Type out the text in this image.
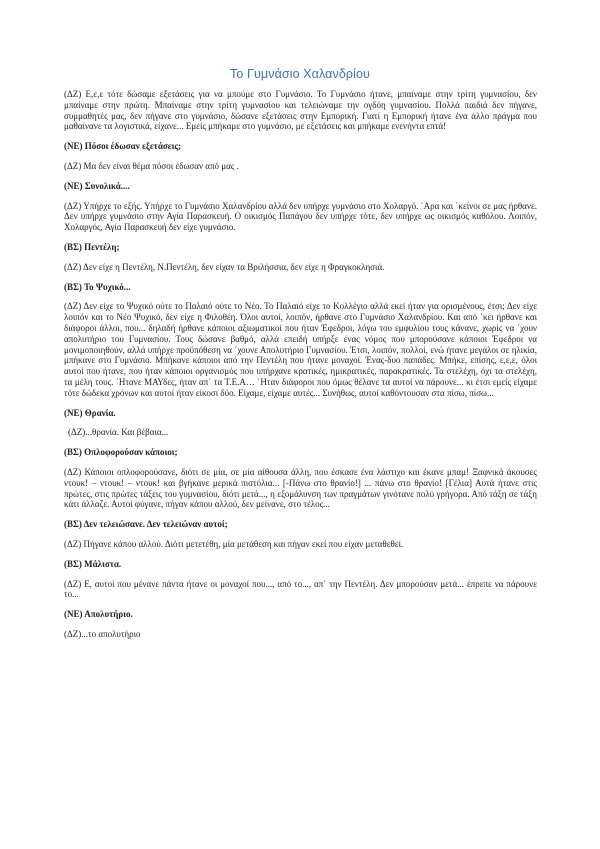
Το Γυμνάσιο Χαλανδρίου

(ΔΖ) Ε,ε,ε τότε δώσαμε εξετάσεις για να μπούμε στο Γυμνάσιο. Το Γυμνάσιο ήτανε, μπαίναμε στην τρίτη γυμνασίου, δεν μπαίναμε στην πρώτη. Μπαίναμε στην τρίτη γυμνασίου και τελειώναμε την ογδόη γυμνασίου. Πολλά παιδιά δεν πήγανε, συμμαθητές μας, δεν πήγανε στο γυμνάσιο, δώσανε εξετάσεις στην Εμπορική. Γιατί η Εμπορική ήτανε ένα άλλο πράγμα που μαθαίνανε τα λογιστικά, είχανε... Εμείς μπήκαμε στο γυμνάσιο, με εξετάσεις και μπήκαμε ενενήντα επτά!

(ΝΕ) Πόσοι έδωσαν εξετάσεις;

(ΔΖ) Μα δεν είναι θέμα πόσοι έδωσαν από μας .

(ΝΕ) Συνολικά....

(ΔΖ) Υπήρχε το εξής. Υπήρχε το Γυμνάσιο Χαλανδρίου αλλά δεν υπήρχε γυμνάσιο στο Χολαργό. ΄Αρα και ΄κείνοι σε μας ήρθανε. Δεν υπήρχε γυμνάσιο στην Αγία Παρασκευή. Ο οικισμός Παπάγου δεν υπήρχε τότε, δεν υπήρχε ως οικισμός καθόλου. Λοιπόν, Χολαργός, Αγία Παρασκευή δεν είχε γυμνάσιο.

(ΒΣ) Πεντέλη;

(ΔΖ) Δεν είχε η Πεντέλη, Ν.Πεντέλη, δεν είχαν τα Βριλήσσια, δεν είχε η Φραγκοκλησιά.

(ΒΣ) Το Ψυχικό...

(ΔΖ) Δεν είχε το Ψυχικό ούτε το Παλαιό ούτε το Νέο. Το Παλαιό είχε το Κολλέγιο αλλά εκεί ήταν για ορισμένους, έτσι; Δεν είχε λοιπόν και το Νέο Ψυχικό, δεν είχε η Φιλοθέη. Όλοι αυτοί, λοιπόν, ήρθανε στο Γυμνάσιο Χαλανδρίου. Και από ΄κει ήρθανε και διάφοροι άλλοι, που... δηλαδή ήρθανε κάποιοι αξιωματικοί που ήταν Έφεδροι, λόγω του εμφυλίου τους κάνανε, χωρίς να ΄χουν απολυτήριο του Γυμνασίου. Τους δώσανε βαθμό, αλλά επειδή υπήρξε ένας νόμος που μπορούσανε κάποιοι Έφεδροι να μονιμοποιηθούν, αλλά υπήρχε προϋπόθεση να ΄χουνε Απολυτήριο Γυμνασίου. Έτσι, λοιπόν, πολλοί, ενώ ήτανε μεγάλοι σε ηλικία, μπήκανε στο Γυμνάσιο. Μπήκανε κάποιοι από την Πεντέλη που ήτανε μοναχοί. Ένας-δυο παπάδες. Μπήκε, επίσης, ε,ε,ε, όλοι αυτοί που ήτανε, που ήταν κάποιοι οργανισμός που υπήρχανε κρατικές, ημικρατικές, παρακρατικές. Τα στελέχη, όχι τα στελέχη, τα μέλη τους. ΄Ητανε ΜΑΥδες, ήταν απ΄ τα Τ.Ε.Α… ΄Ηταν διάφοροι που όμως θέλανε τα αυτοί να πάρουνε... κι έτσι εμείς είχαμε τότε δώδεκα χρόνων και αυτοί ήταν είκοσι δύο. Είχαμε, είχαμε αυτές... Συνήθως, αυτοί καθόντουσαν στα πίσω, πίσω...

(ΝΕ) Θρανία.

(ΔΖ)...θρανία. Και βέβαια...

(ΒΣ) Οπλοφορούσαν κάποιοι;

(ΔΖ) Κάποιοι οπλοφορούσανε, διότι σε μία, σε μία αίθουσα άλλη, που έσκασε ένα λάστιχο και έκανε μπαμ! Ξαφνικά άκουσες ντουκ! – ντουκ! – ντουκ! και βγήκανε μερικά πιστόλια... [-Πάνω στο θρανίο!] ... πάνω στο θρανίο! [Γέλια] Αυτά ήτανε στις πρώτες, στις πρώτες τάξεις του γυμνασίου, διότι μετά..., η εξομάλυνση των πραγμάτων γινότανε πολύ γρήγορα. Από τάξη σε τάξη κάτι άλλαζε. Αυτοί φύγανε, πήγαν κάπου αλλού, δεν μείνανε, στο τέλος...

(ΒΣ) Δεν τελειώσανε. Δεν τελειώναν αυτοί;

(ΔΖ) Πήγανε κάπου αλλού. Διότι μετετέθη, μία μετάθεση και πήγαν εκεί που είχαν μεταθεθεί.

(ΒΣ) Μάλιστα.

(ΔΖ) Ε, αυτοί που μένανε πάντα ήτανε οι μοναχοί που..., από το..., απ΄ την Πεντέλη. Δεν μπορούσαν μετά... έπρεπε να πάρουνε το...

(ΝΕ) Απολυτήριο.

(ΔΖ)...το απολυτήριο
